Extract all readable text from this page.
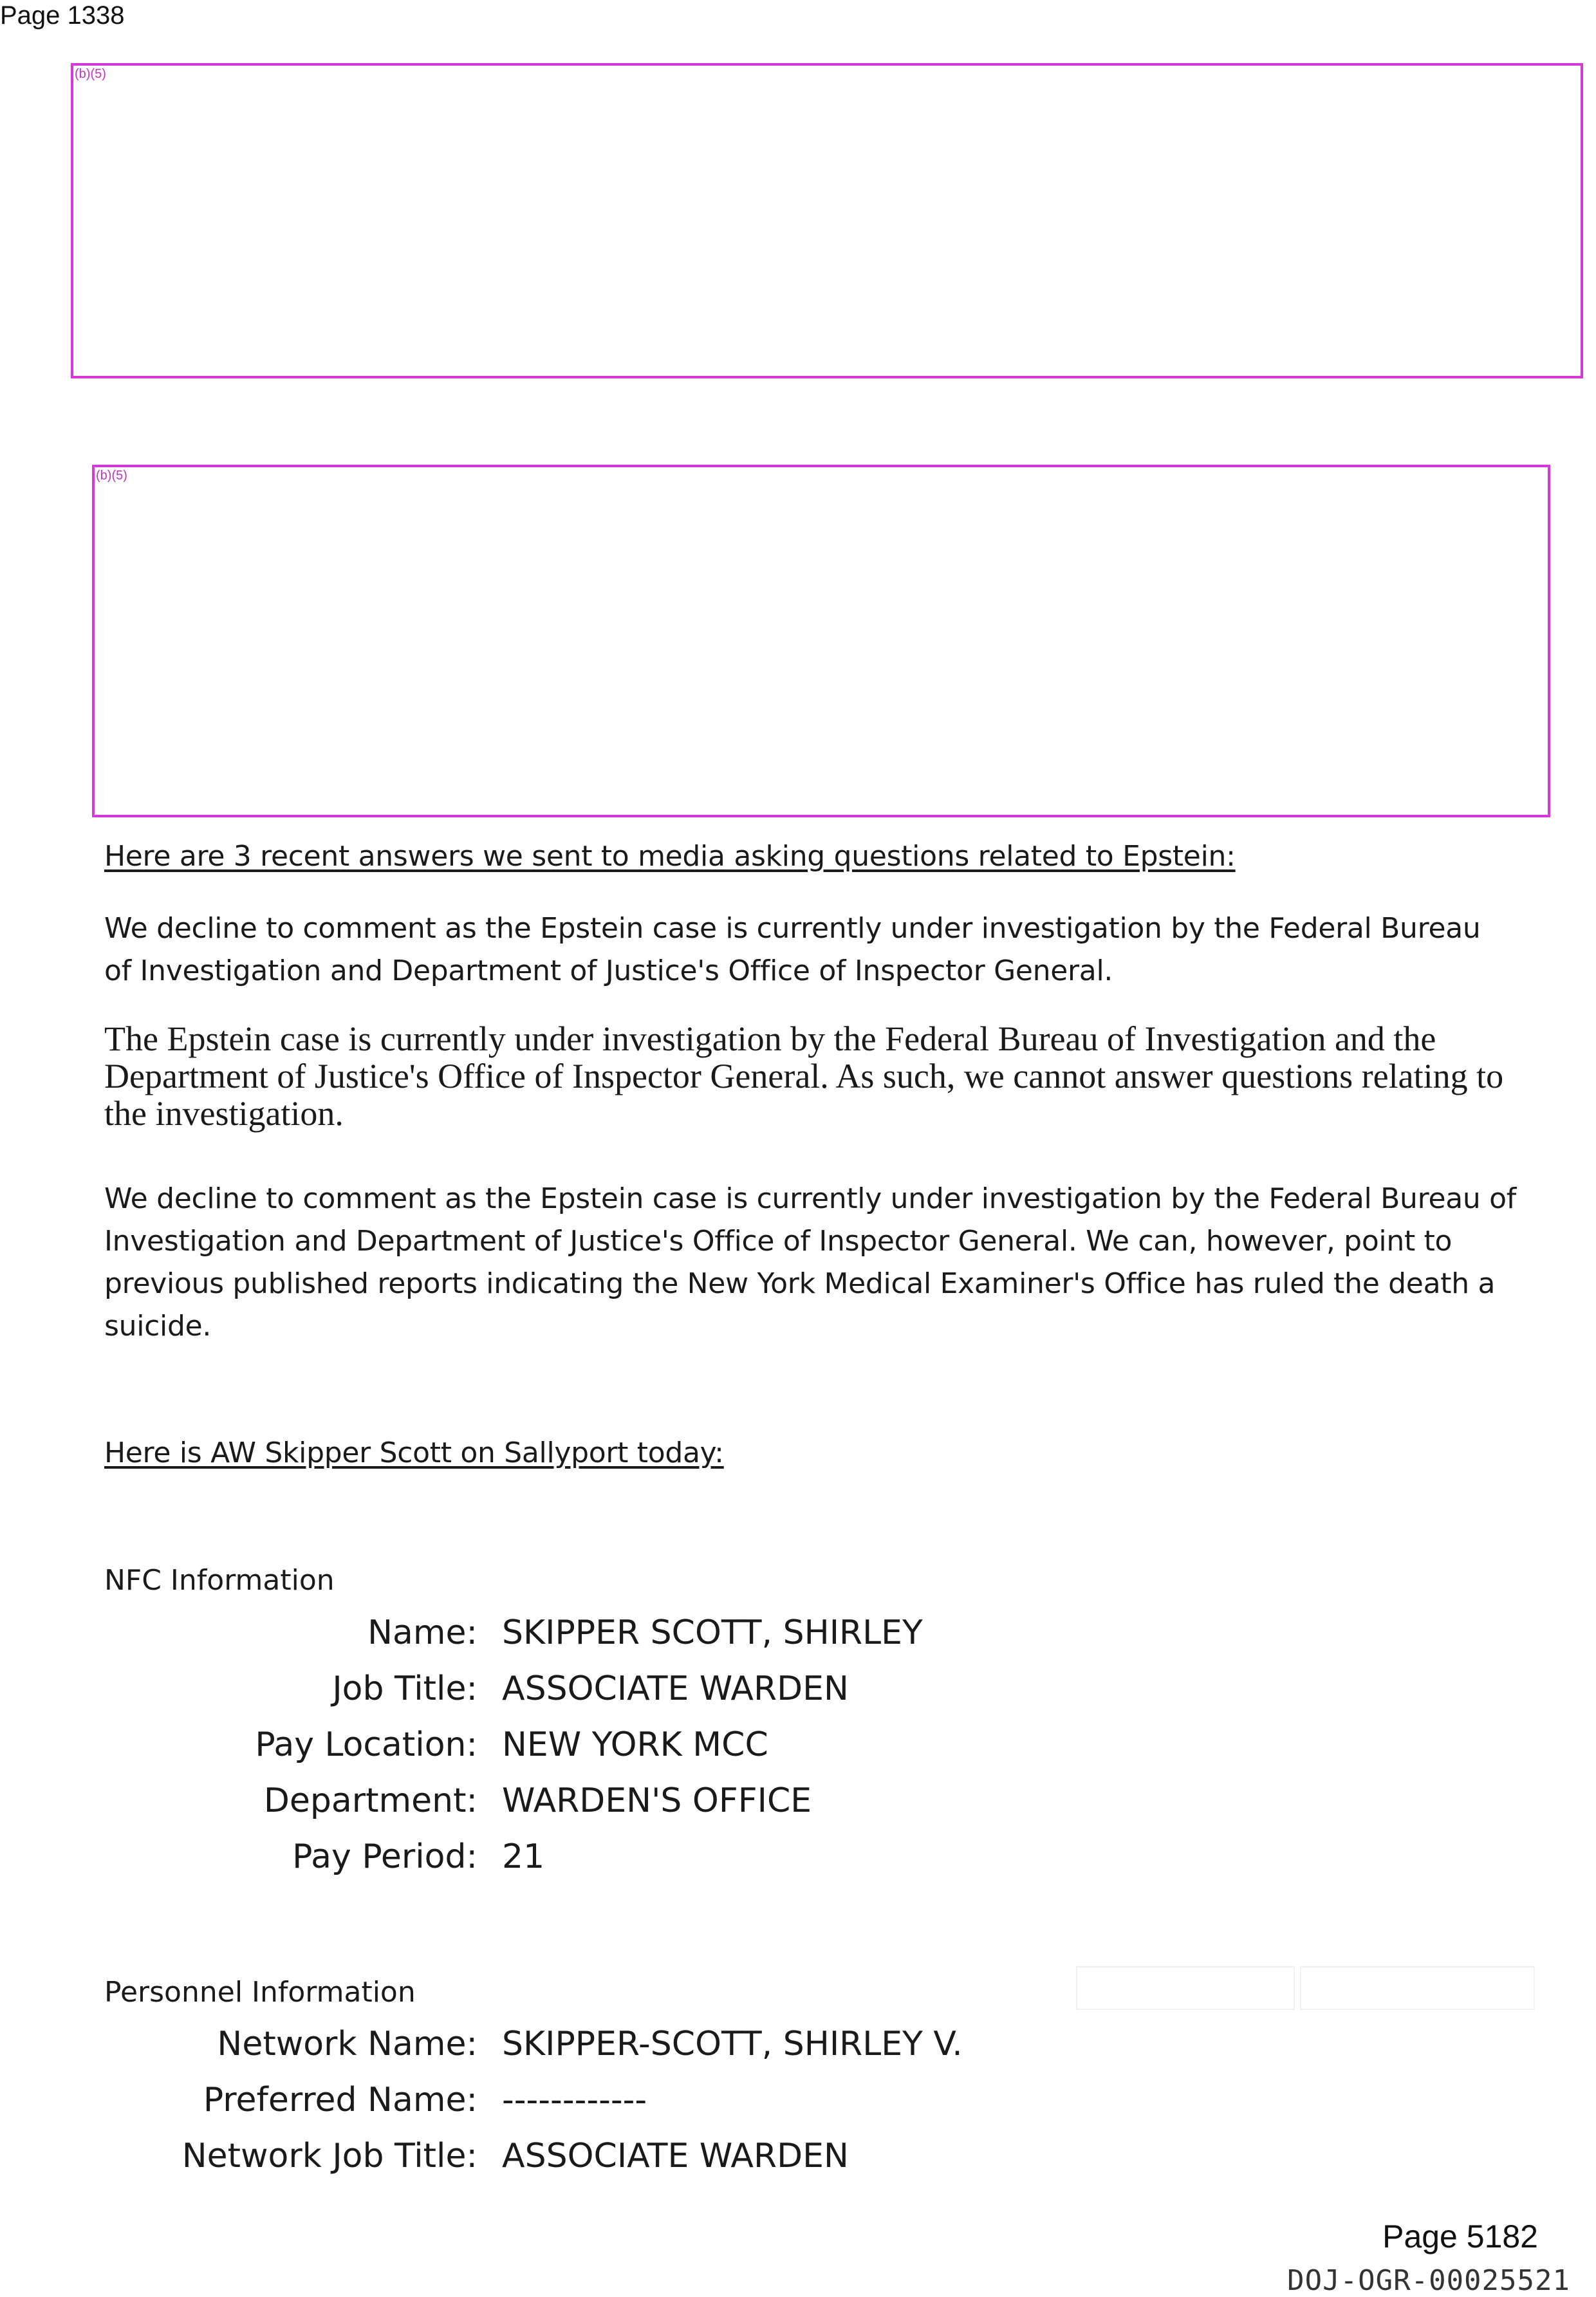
Page 1338
(b)(5)
(b)(5)
Here are 3 recent answers we sent to media asking questions related to Epstein:
We decline to comment as the Epstein case is currently under investigation by the Federal Bureau of Investigation and Department of Justice's Office of Inspector General.
The Epstein case is currently under investigation by the Federal Bureau of Investigation and the Department of Justice's Office of Inspector General. As such, we cannot answer questions relating to the investigation.
We decline to comment as the Epstein case is currently under investigation by the Federal Bureau of Investigation and Department of Justice's Office of Inspector General. We can, however, point to previous published reports indicating the New York Medical Examiner's Office has ruled the death a suicide.
Here is AW Skipper Scott on Sallyport today:
NFC Information
Name: SKIPPER SCOTT, SHIRLEY
Job Title: ASSOCIATE WARDEN
Pay Location: NEW YORK MCC
Department: WARDEN'S OFFICE
Pay Period: 21
Personnel Information
Network Name: SKIPPER-SCOTT, SHIRLEY V.
Preferred Name: ------------
Network Job Title: ASSOCIATE WARDEN
Page 5182
DOJ-OGR-00025521
